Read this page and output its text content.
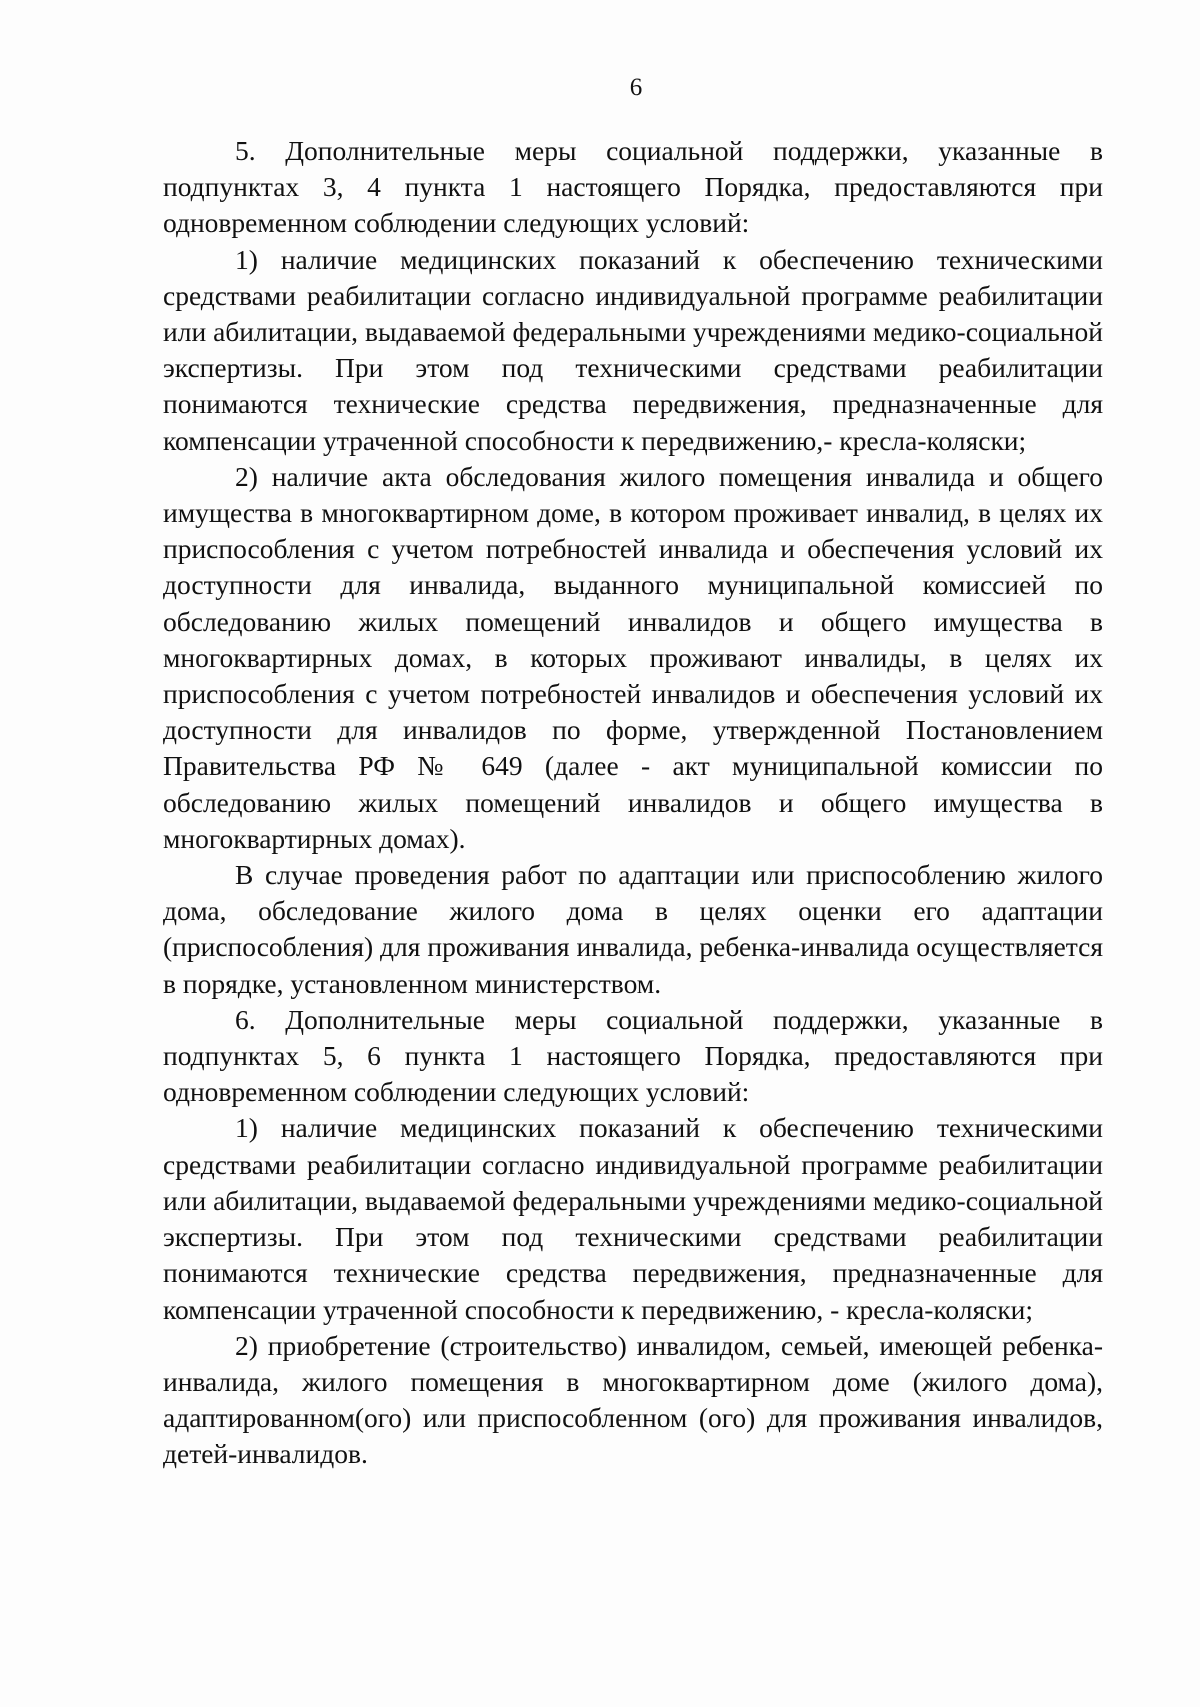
6

5. Дополнительные меры социальной поддержки, указанные в подпунктах 3, 4 пункта 1 настоящего Порядка, предоставляются при одновременном соблюдении следующих условий:

1) наличие медицинских показаний к обеспечению техническими средствами реабилитации согласно индивидуальной программе реабилитации или абилитации, выдаваемой федеральными учреждениями медико-социальной экспертизы. При этом под техническими средствами реабилитации понимаются технические средства передвижения, предназначенные для компенсации утраченной способности к передвижению,- кресла-коляски;

2) наличие акта обследования жилого помещения инвалида и общего имущества в многоквартирном доме, в котором проживает инвалид, в целях их приспособления с учетом потребностей инвалида и обеспечения условий их доступности для инвалида, выданного муниципальной комиссией по обследованию жилых помещений инвалидов и общего имущества в многоквартирных домах, в которых проживают инвалиды, в целях их приспособления с учетом потребностей инвалидов и обеспечения условий их доступности для инвалидов по форме, утвержденной Постановлением Правительства РФ № 649 (далее - акт муниципальной комиссии по обследованию жилых помещений инвалидов и общего имущества в многоквартирных домах).

В случае проведения работ по адаптации или приспособлению жилого дома, обследование жилого дома в целях оценки его адаптации (приспособления) для проживания инвалида, ребенка-инвалида осуществляется в порядке, установленном министерством.

6. Дополнительные меры социальной поддержки, указанные в подпунктах 5, 6 пункта 1 настоящего Порядка, предоставляются при одновременном соблюдении следующих условий:

1) наличие медицинских показаний к обеспечению техническими средствами реабилитации согласно индивидуальной программе реабилитации или абилитации, выдаваемой федеральными учреждениями медико-социальной экспертизы. При этом под техническими средствами реабилитации понимаются технические средства передвижения, предназначенные для компенсации утраченной способности к передвижению, - кресла-коляски;

2) приобретение (строительство) инвалидом, семьей, имеющей ребенка-инвалида, жилого помещения в многоквартирном доме (жилого дома), адаптированном(ого) или приспособленном (ого) для проживания инвалидов, детей-инвалидов.
